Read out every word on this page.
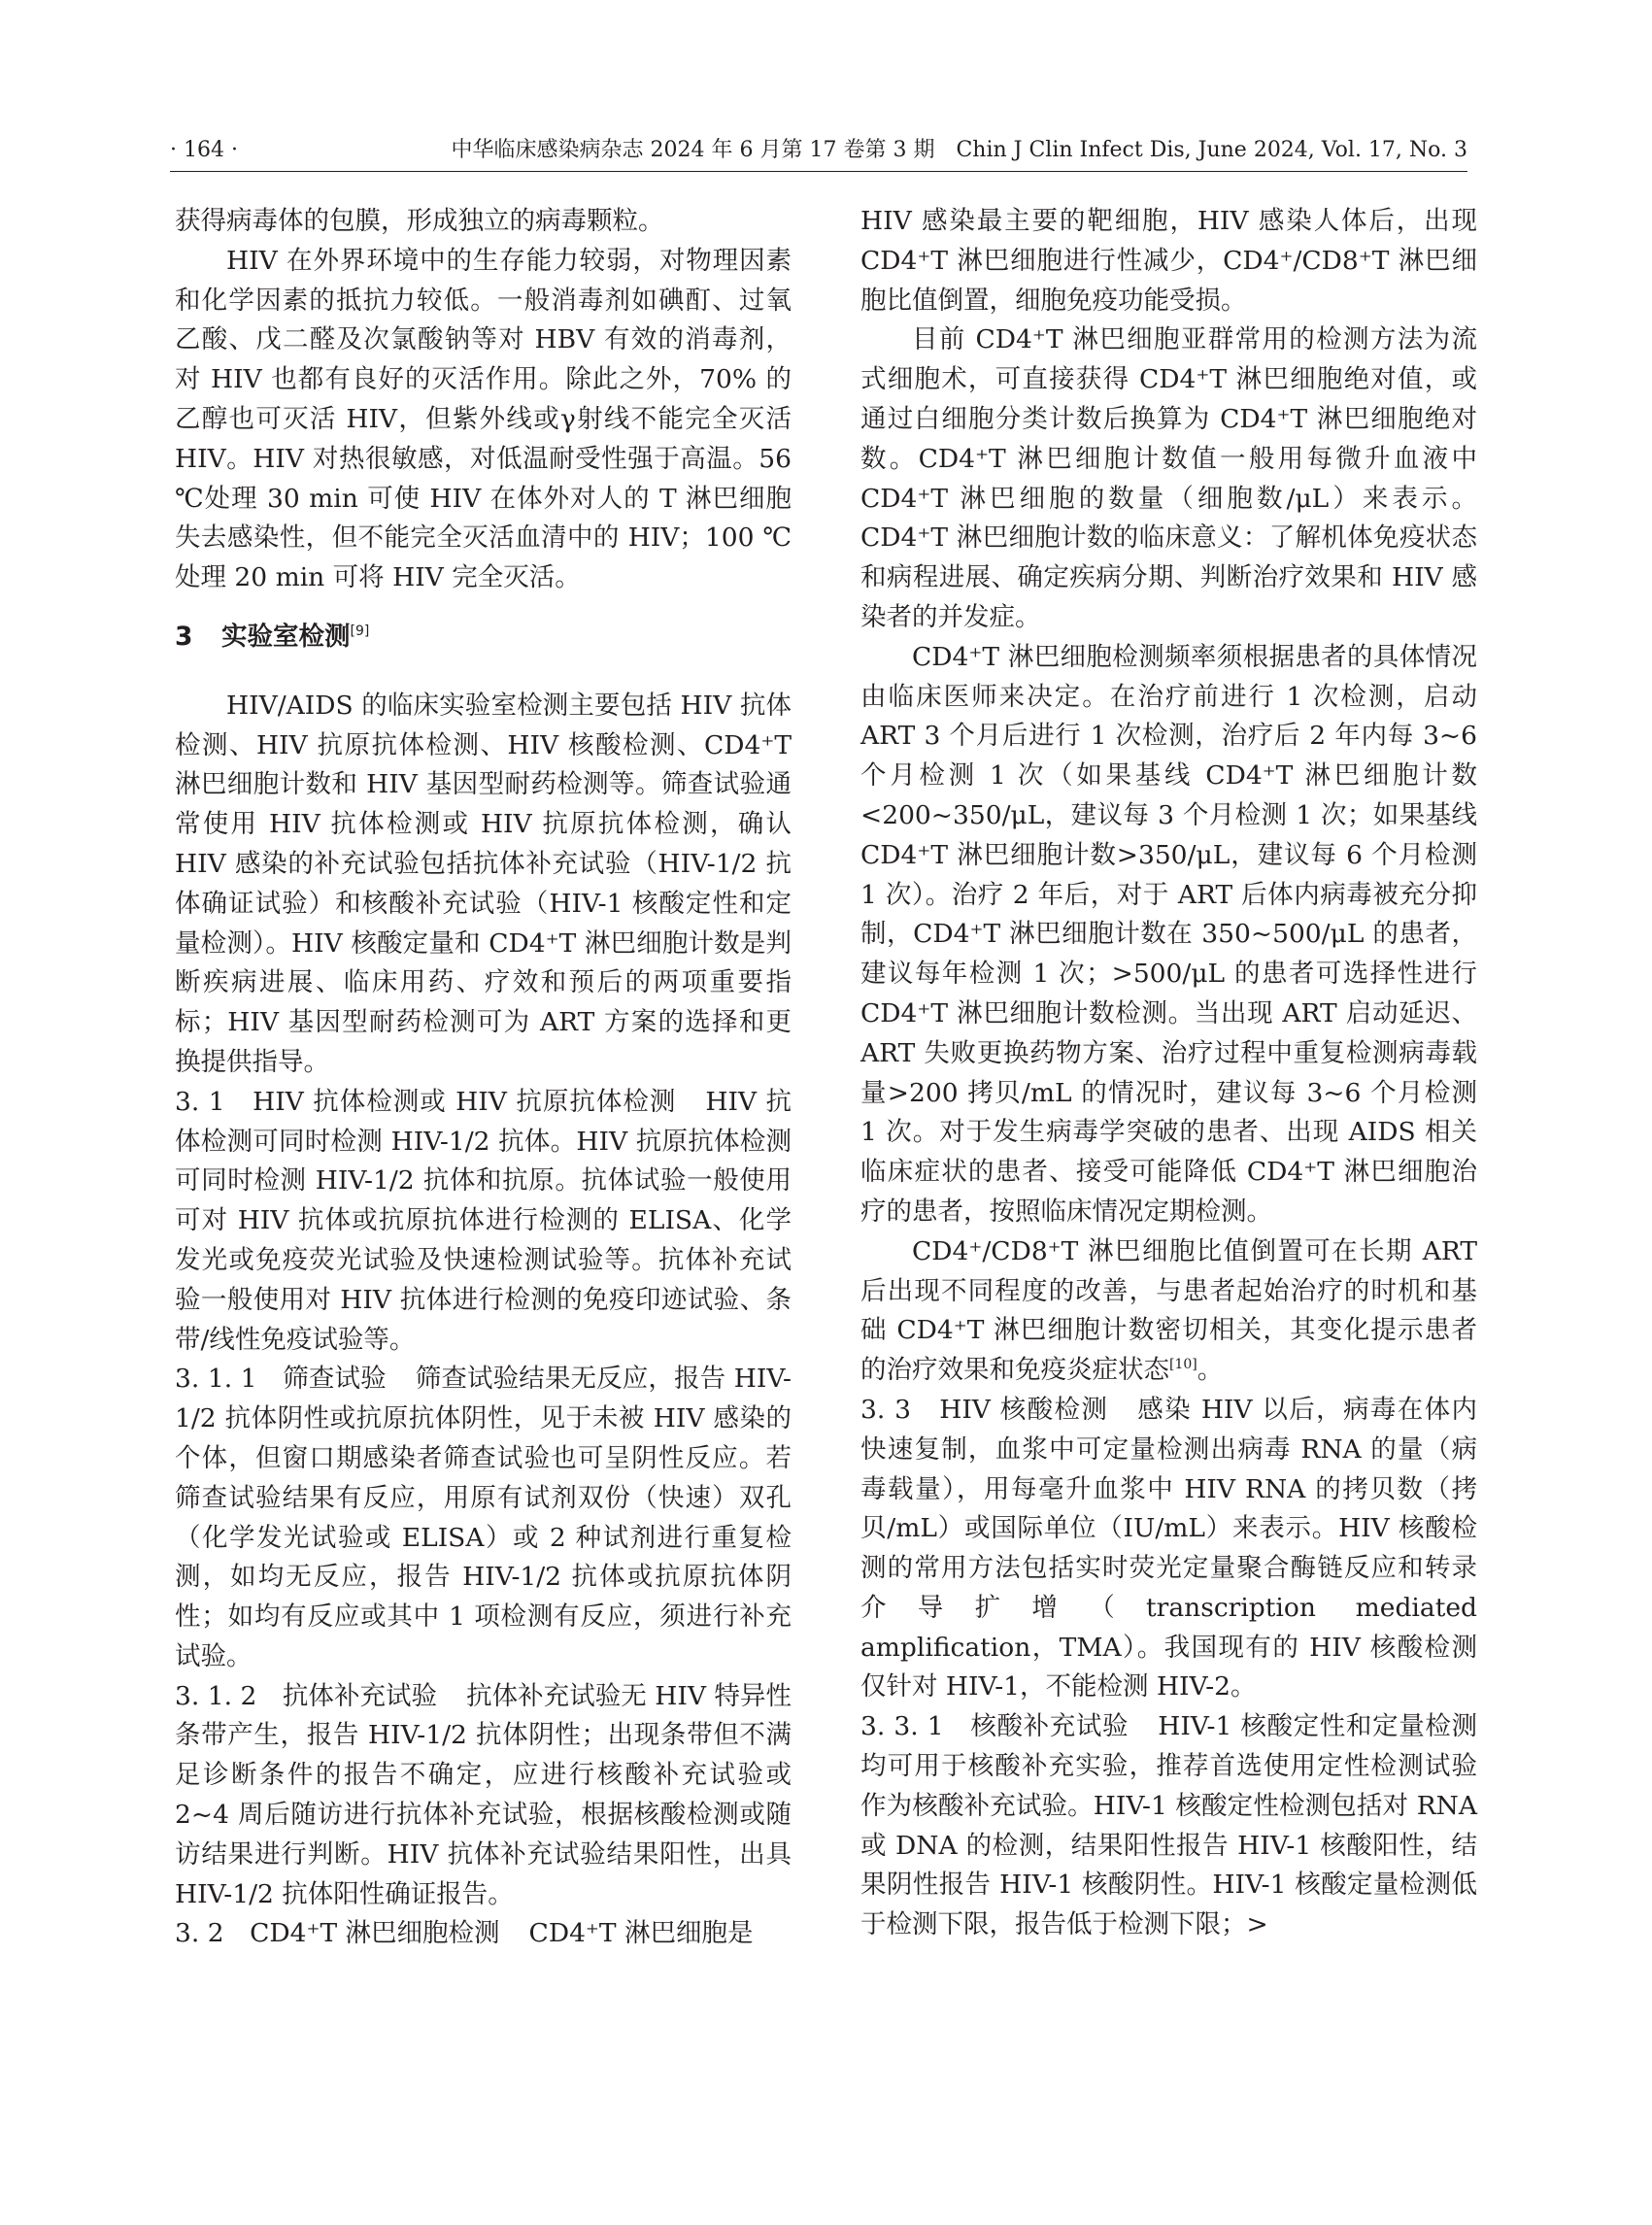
· 164 ·	中华临床感染病杂志 2024 年 6 月第 17 卷第 3 期　Chin J Clin Infect Dis, June 2024, Vol. 17, No. 3

获得病毒体的包膜，形成独立的病毒颗粒。

HIV 在外界环境中的生存能力较弱，对物理因素和化学因素的抵抗力较低。一般消毒剂如碘酊、过氧乙酸、戊二醛及次氯酸钠等对 HBV 有效的消毒剂，对 HIV 也都有良好的灭活作用。除此之外，70% 的乙醇也可灭活 HIV，但紫外线或γ射线不能完全灭活 HIV。HIV 对热很敏感，对低温耐受性强于高温。56 ℃处理 30 min 可使 HIV 在体外对人的 T 淋巴细胞失去感染性，但不能完全灭活血清中的 HIV；100 ℃处理 20 min 可将 HIV 完全灭活。

3 实验室检测[9]

HIV/AIDS 的临床实验室检测主要包括 HIV 抗体检测、HIV 抗原抗体检测、HIV 核酸检测、CD4⁺T 淋巴细胞计数和 HIV 基因型耐药检测等。筛查试验通常使用 HIV 抗体检测或 HIV 抗原抗体检测，确认 HIV 感染的补充试验包括抗体补充试验（HIV-1/2 抗体确证试验）和核酸补充试验（HIV-1 核酸定性和定量检测）。HIV 核酸定量和 CD4⁺T 淋巴细胞计数是判断疾病进展、临床用药、疗效和预后的两项重要指标；HIV 基因型耐药检测可为 ART 方案的选择和更换提供指导。

3. 1　HIV 抗体检测或 HIV 抗原抗体检测 HIV 抗体检测可同时检测 HIV-1/2 抗体。HIV 抗原抗体检测可同时检测 HIV-1/2 抗体和抗原。抗体试验一般使用可对 HIV 抗体或抗原抗体进行检测的 ELISA、化学发光或免疫荧光试验及快速检测试验等。抗体补充试验一般使用对 HIV 抗体进行检测的免疫印迹试验、条带/线性免疫试验等。

3. 1. 1　筛查试验 筛查试验结果无反应，报告 HIV-1/2 抗体阴性或抗原抗体阴性，见于未被 HIV 感染的个体，但窗口期感染者筛查试验也可呈阴性反应。若筛查试验结果有反应，用原有试剂双份（快速）双孔（化学发光试验或 ELISA）或 2 种试剂进行重复检测，如均无反应，报告 HIV-1/2 抗体或抗原抗体阴性；如均有反应或其中 1 项检测有反应，须进行补充试验。

3. 1. 2　抗体补充试验 抗体补充试验无 HIV 特异性条带产生，报告 HIV-1/2 抗体阴性；出现条带但不满足诊断条件的报告不确定，应进行核酸补充试验或 2~4 周后随访进行抗体补充试验，根据核酸检测或随访结果进行判断。HIV 抗体补充试验结果阳性，出具 HIV-1/2 抗体阳性确证报告。

3. 2　CD4⁺T 淋巴细胞检测 CD4⁺T 淋巴细胞是

HIV 感染最主要的靶细胞，HIV 感染人体后，出现 CD4⁺T 淋巴细胞进行性减少，CD4⁺/CD8⁺T 淋巴细胞比值倒置，细胞免疫功能受损。

目前 CD4⁺T 淋巴细胞亚群常用的检测方法为流式细胞术，可直接获得 CD4⁺T 淋巴细胞绝对值，或通过白细胞分类计数后换算为 CD4⁺T 淋巴细胞绝对数。CD4⁺T 淋巴细胞计数值一般用每微升血液中 CD4⁺T 淋巴细胞的数量（细胞数/μL）来表示。CD4⁺T 淋巴细胞计数的临床意义：了解机体免疫状态和病程进展、确定疾病分期、判断治疗效果和 HIV 感染者的并发症。

CD4⁺T 淋巴细胞检测频率须根据患者的具体情况由临床医师来决定。在治疗前进行 1 次检测，启动 ART 3 个月后进行 1 次检测，治疗后 2 年内每 3~6 个月检测 1 次（如果基线 CD4⁺T 淋巴细胞计数<200~350/μL，建议每 3 个月检测 1 次；如果基线 CD4⁺T 淋巴细胞计数>350/μL，建议每 6 个月检测 1 次）。治疗 2 年后，对于 ART 后体内病毒被充分抑制，CD4⁺T 淋巴细胞计数在 350~500/μL 的患者，建议每年检测 1 次；>500/μL 的患者可选择性进行 CD4⁺T 淋巴细胞计数检测。当出现 ART 启动延迟、ART 失败更换药物方案、治疗过程中重复检测病毒载量>200 拷贝/mL 的情况时，建议每 3~6 个月检测 1 次。对于发生病毒学突破的患者、出现 AIDS 相关临床症状的患者、接受可能降低 CD4⁺T 淋巴细胞治疗的患者，按照临床情况定期检测。

CD4⁺/CD8⁺T 淋巴细胞比值倒置可在长期 ART 后出现不同程度的改善，与患者起始治疗的时机和基础 CD4⁺T 淋巴细胞计数密切相关，其变化提示患者的治疗效果和免疫炎症状态[10]。

3. 3　HIV 核酸检测 感染 HIV 以后，病毒在体内快速复制，血浆中可定量检测出病毒 RNA 的量（病毒载量），用每毫升血浆中 HIV RNA 的拷贝数（拷贝/mL）或国际单位（IU/mL）来表示。HIV 核酸检测的常用方法包括实时荧光定量聚合酶链反应和转录介导扩增（transcription mediated amplification，TMA）。我国现有的 HIV 核酸检测仅针对 HIV-1，不能检测 HIV-2。

3. 3. 1　核酸补充试验 HIV-1 核酸定性和定量检测均可用于核酸补充实验，推荐首选使用定性检测试验作为核酸补充试验。HIV-1 核酸定性检测包括对 RNA 或 DNA 的检测，结果阳性报告 HIV-1 核酸阳性，结果阴性报告 HIV-1 核酸阴性。HIV-1 核酸定量检测低于检测下限，报告低于检测下限；>
